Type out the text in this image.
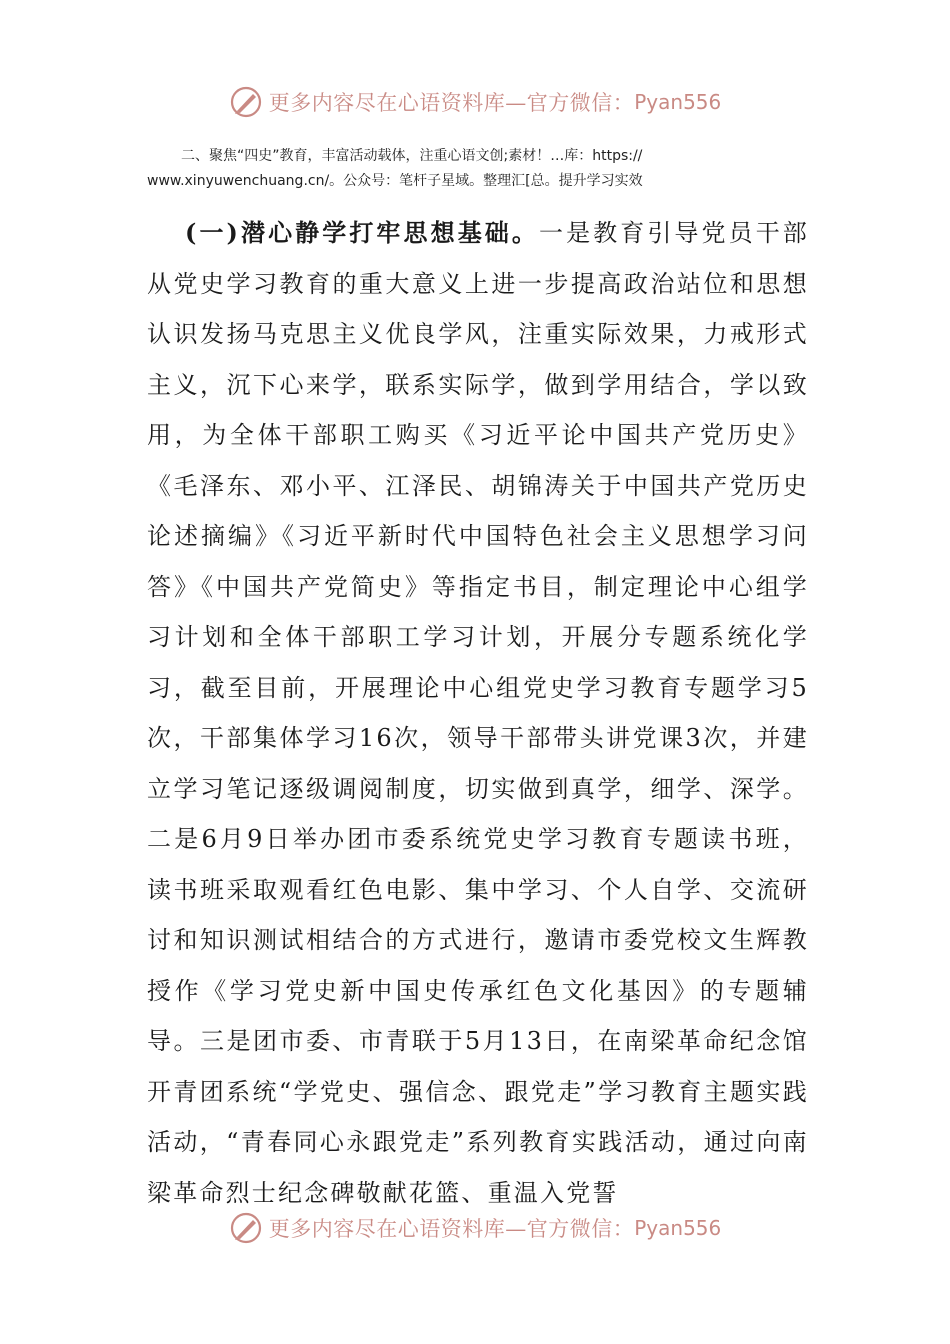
更多内容尽在心语资料库—官方微信： Pyan556

二、聚焦“四史”教育，丰富活动载体，注重心语文创;素材！…库：https://

www.xinyuwenchuang.cn/。公众号：笔杆子星域。整理汇[总。提升学习实效

(一)潜心静学打牢思想基础。一是教育引导党员干部从党史学习教育的重大意义上进一步提高政治站位和思想认识发扬马克思主义优良学风，注重实际效果，力戒形式主义，沉下心来学，联系实际学，做到学用结合，学以致用，为全体干部职工购买《习近平论中国共产党历史》《毛泽东、邓小平、江泽民、胡锦涛关于中国共产党历史论述摘编》《习近平新时代中国特色社会主义思想学习问答》《中国共产党简史》等指定书目，制定理论中心组学习计划和全体干部职工学习计划，开展分专题系统化学习，截至目前，开展理论中心组党史学习教育专题学习5次，干部集体学习16次，领导干部带头讲党课3次，并建立学习笔记逐级调阅制度，切实做到真学，细学、深学。二是6月9日举办团市委系统党史学习教育专题读书班，读书班采取观看红色电影、集中学习、个人自学、交流研讨和知识测试相结合的方式进行，邀请市委党校文生辉教授作《学习党史新中国史传承红色文化基因》的专题辅导。三是团市委、市青联于5月13日，在南梁革命纪念馆开青团系统“学党史、强信念、跟党走”学习教育主题实践活动，“青春同心永跟党走”系列教育实践活动，通过向南梁革命烈士纪念碑敬献花篮、重温入党誓

更多内容尽在心语资料库—官方微信： Pyan556
